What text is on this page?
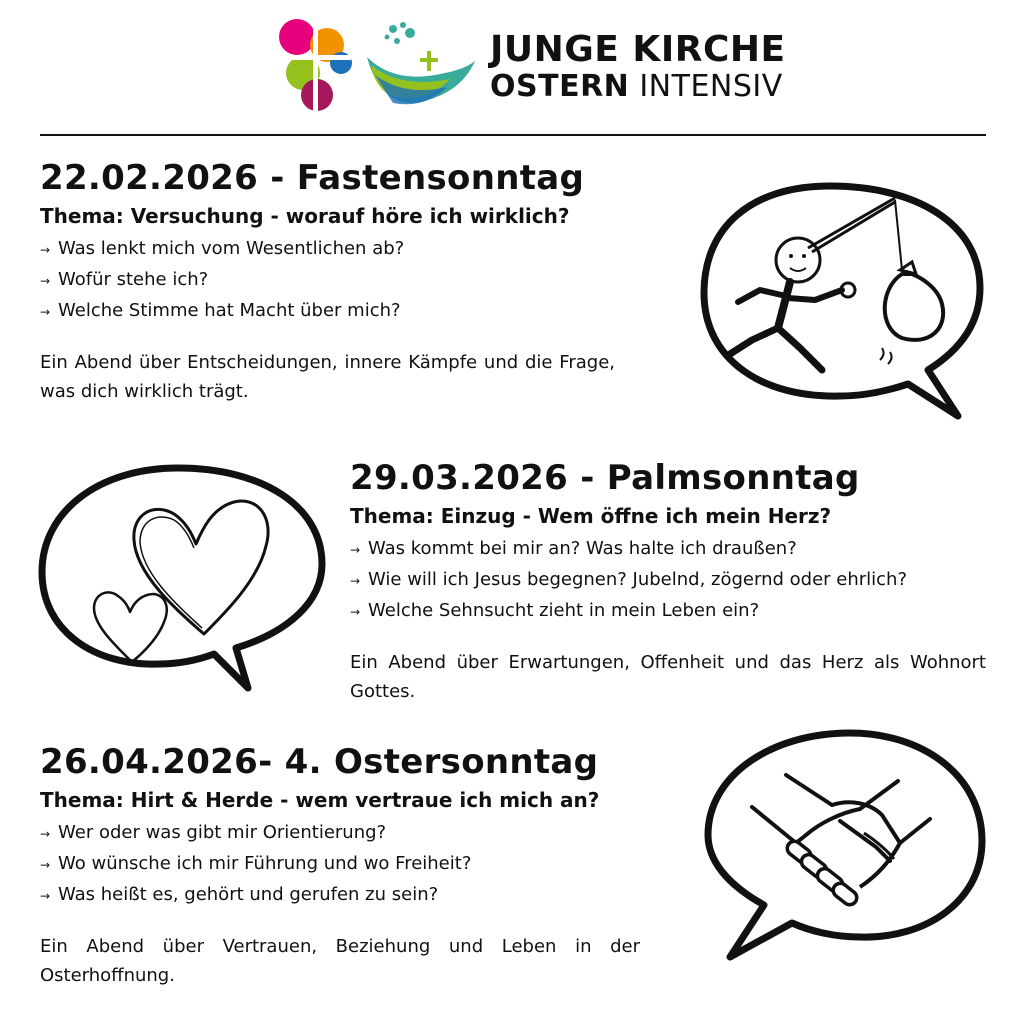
JUNGE KIRCHE
OSTERN INTENSIV
22.02.2026 - Fastensonntag
Thema: Versuchung - worauf höre ich wirklich?
→ Was lenkt mich vom Wesentlichen ab?
→ Wofür stehe ich?
→ Welche Stimme hat Macht über mich?

Ein Abend über Entscheidungen, innere Kämpfe und die Frage, was dich wirklich trägt.

29.03.2026 - Palmsonntag
Thema: Einzug - Wem öffne ich mein Herz?
→ Was kommt bei mir an? Was halte ich draußen?
→ Wie will ich Jesus begegnen? Jubelnd, zögernd oder ehrlich?
→ Welche Sehnsucht zieht in mein Leben ein?

Ein Abend über Erwartungen, Offenheit und das Herz als Wohnort Gottes.

26.04.2026- 4. Ostersonntag
Thema: Hirt & Herde - wem vertraue ich mich an?
→ Wer oder was gibt mir Orientierung?
→ Wo wünsche ich mir Führung und wo Freiheit?
→ Was heißt es, gehört und gerufen zu sein?

Ein Abend über Vertrauen, Beziehung und Leben in der Osterhoffnung.
